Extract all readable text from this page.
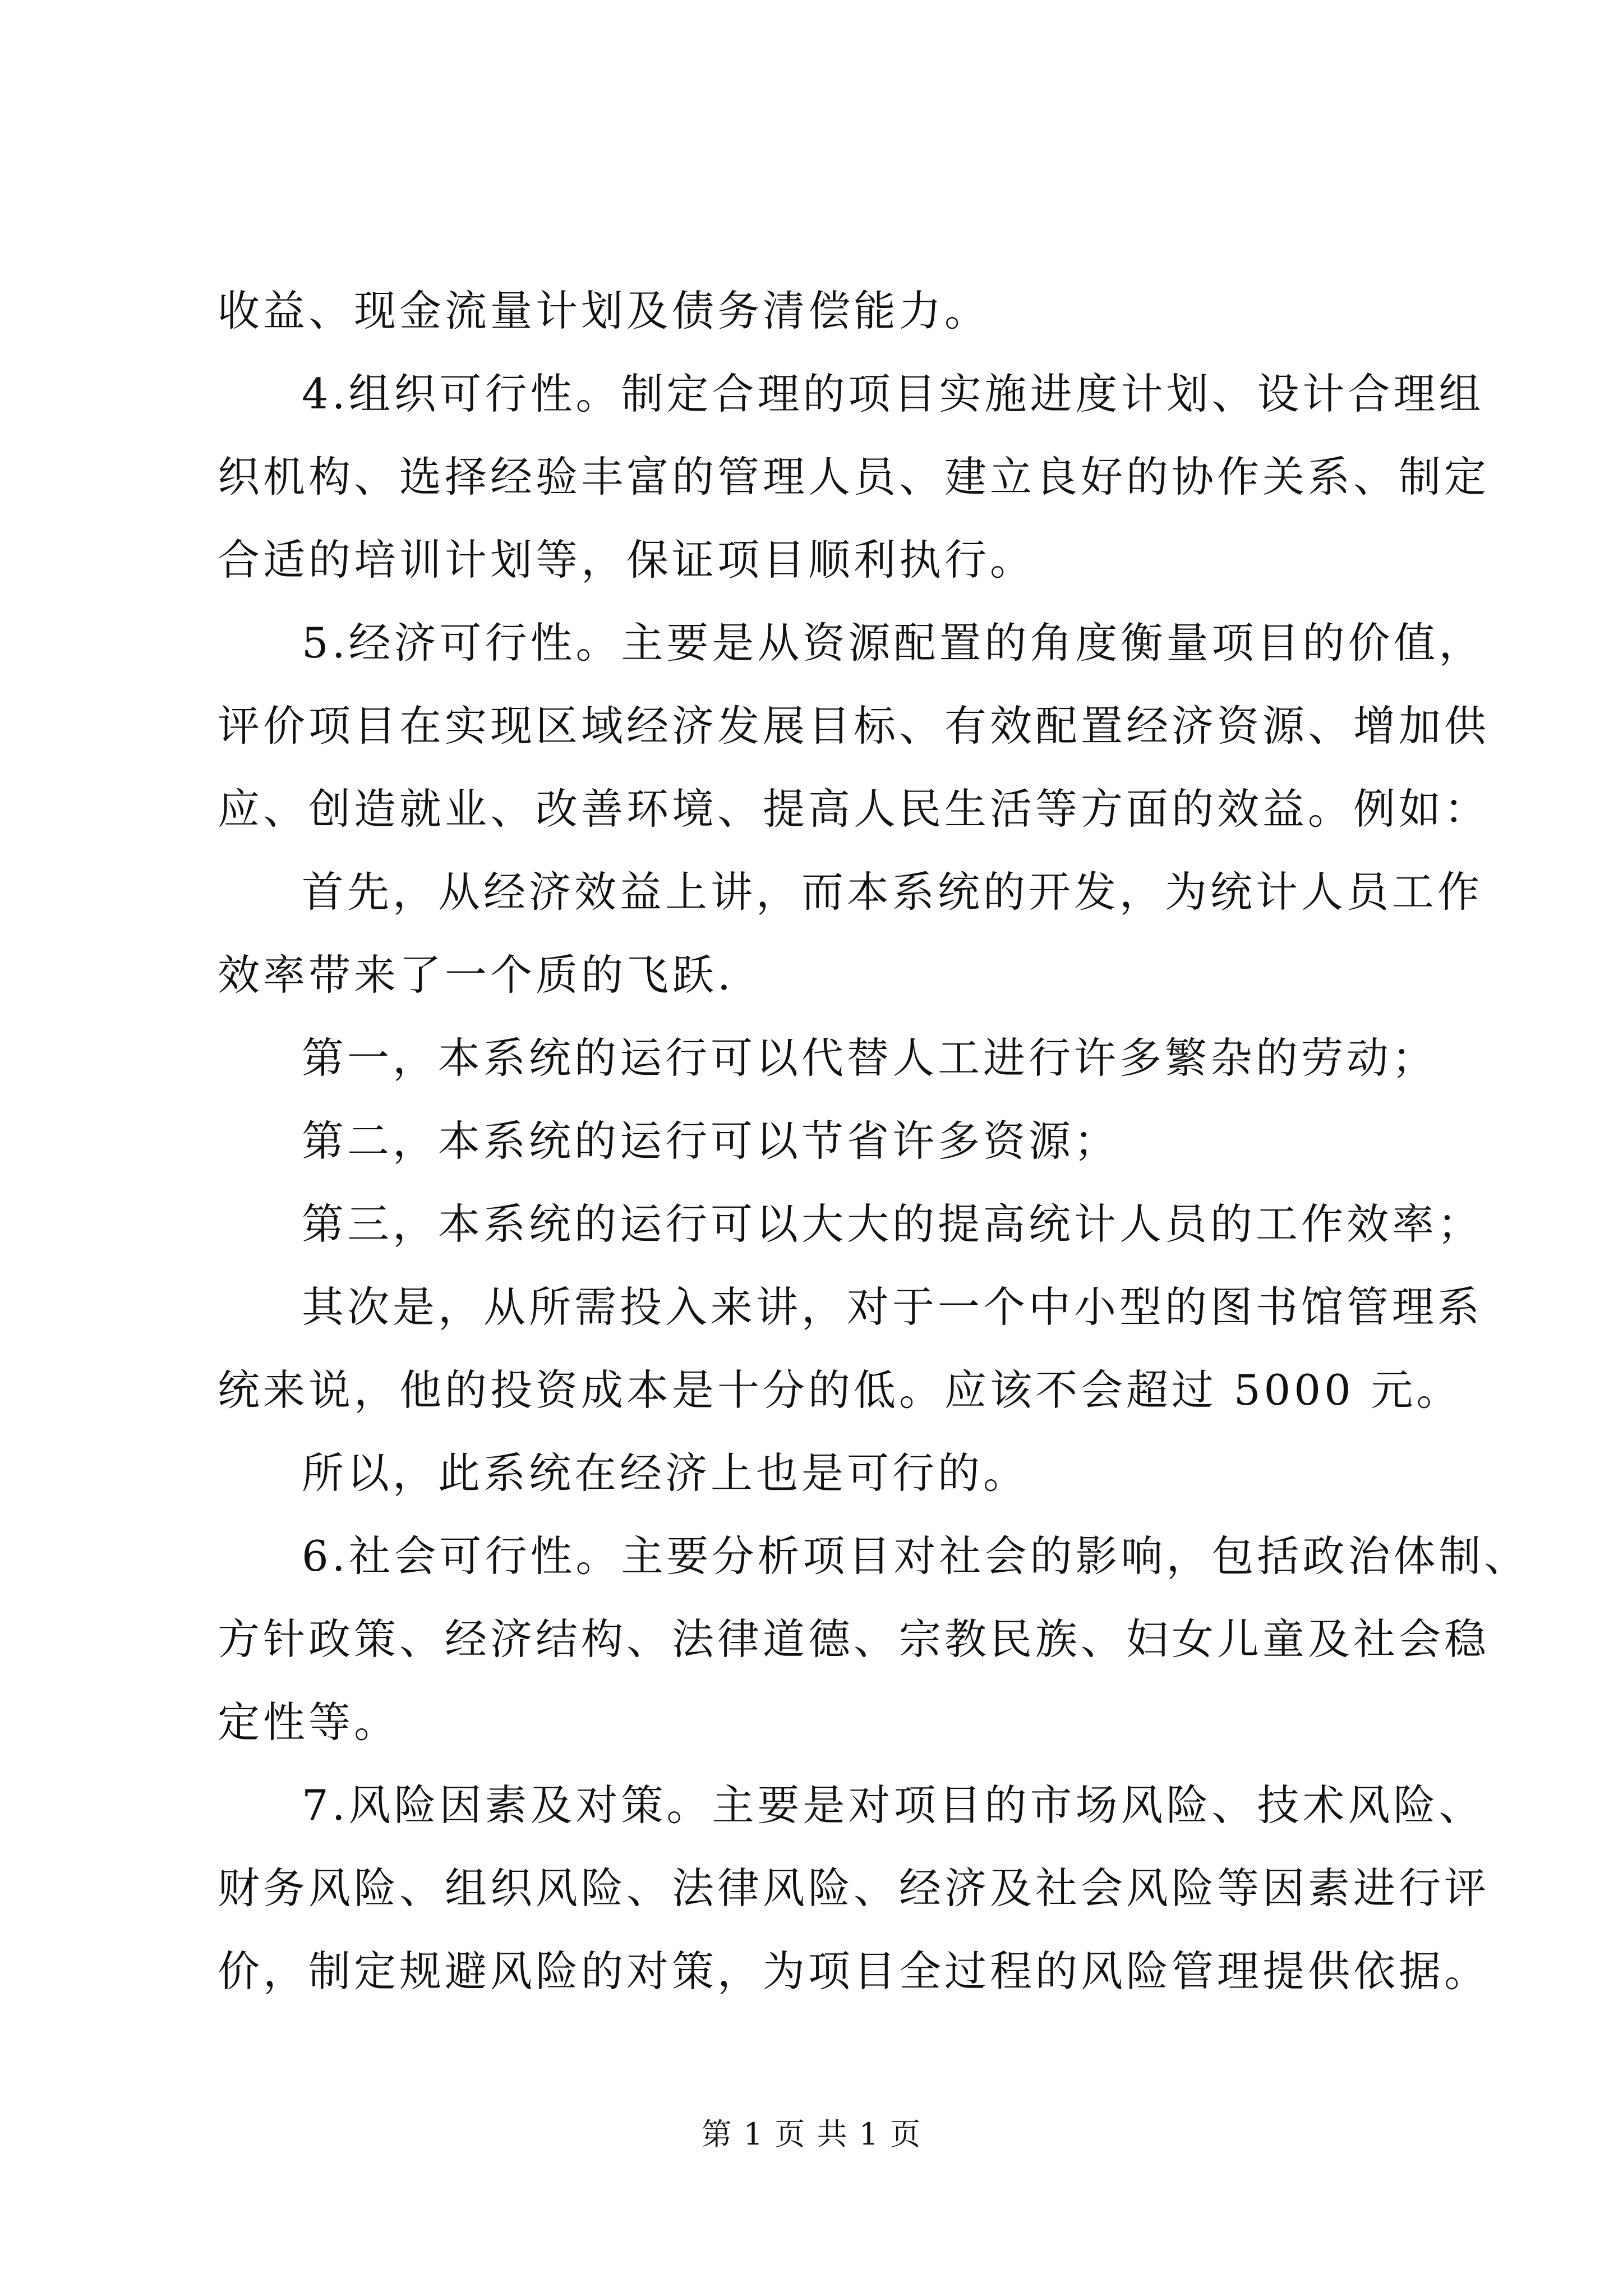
收益、现金流量计划及债务清偿能力。
4.组织可行性。制定合理的项目实施进度计划、设计合理组
织机构、选择经验丰富的管理人员、建立良好的协作关系、制定
合适的培训计划等，保证项目顺利执行。
5.经济可行性。主要是从资源配置的角度衡量项目的价值，
评价项目在实现区域经济发展目标、有效配置经济资源、增加供
应、创造就业、改善环境、提高人民生活等方面的效益。例如：
首先，从经济效益上讲，而本系统的开发，为统计人员工作
效率带来了一个质的飞跃.
第一，本系统的运行可以代替人工进行许多繁杂的劳动；
第二，本系统的运行可以节省许多资源；
第三，本系统的运行可以大大的提高统计人员的工作效率；
其次是，从所需投入来讲，对于一个中小型的图书馆管理系
统来说，他的投资成本是十分的低。应该不会超过 5000 元。
所以，此系统在经济上也是可行的。
6.社会可行性。主要分析项目对社会的影响，包括政治体制、
方针政策、经济结构、法律道德、宗教民族、妇女儿童及社会稳
定性等。
7.风险因素及对策。主要是对项目的市场风险、技术风险、
财务风险、组织风险、法律风险、经济及社会风险等因素进行评
价，制定规避风险的对策，为项目全过程的风险管理提供依据。
第 1 页 共 1 页
